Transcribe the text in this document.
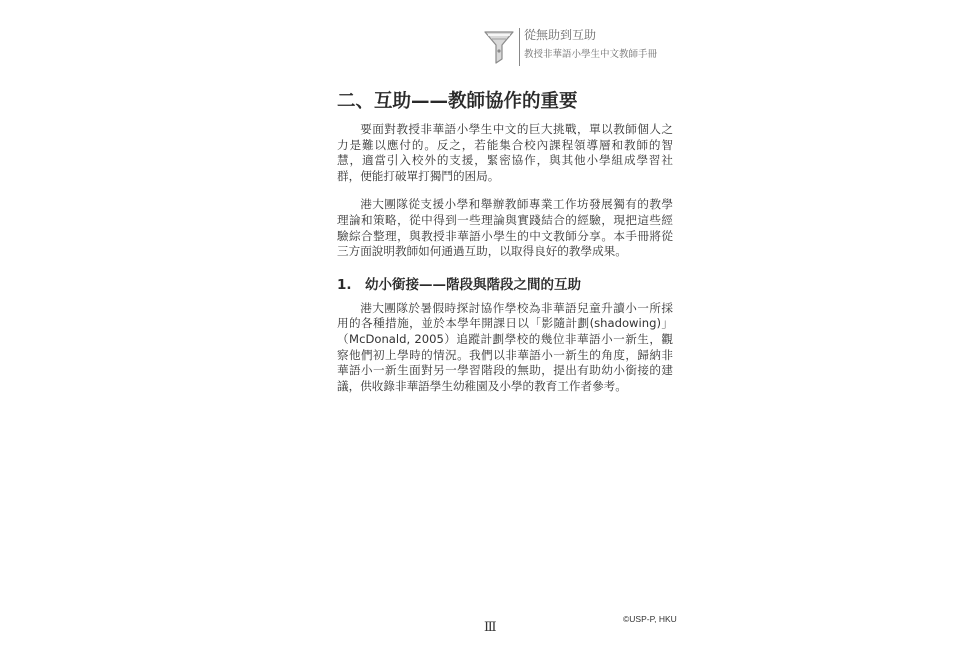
從無助到互助
教授非華語小學生中文教師手冊
二、互助——教師協作的重要

要面對教授非華語小學生中文的巨大挑戰，單以教師個人之力是難以應付的。反之，若能集合校內課程領導層和教師的智慧，適當引入校外的支援，緊密協作，與其他小學組成學習社群，便能打破單打獨鬥的困局。

港大團隊從支援小學和舉辦教師專業工作坊發展獨有的教學理論和策略，從中得到一些理論與實踐結合的經驗，現把這些經驗綜合整理，與教授非華語小學生的中文教師分享。本手冊將從三方面說明教師如何通過互助，以取得良好的教學成果。

1. 幼小銜接——階段與階段之間的互助

港大團隊於暑假時探討協作學校為非華語兒童升讀小一所採用的各種措施，並於本學年開課日以「影隨計劃(shadowing)」（McDonald, 2005）追蹤計劃學校的幾位非華語小一新生，觀察他們初上學時的情況。我們以非華語小一新生的角度，歸納非華語小一新生面對另一學習階段的無助，提出有助幼小銜接的建議，供收錄非華語學生幼稚園及小學的教育工作者參考。

©USP-P, HKU
Ⅲ
